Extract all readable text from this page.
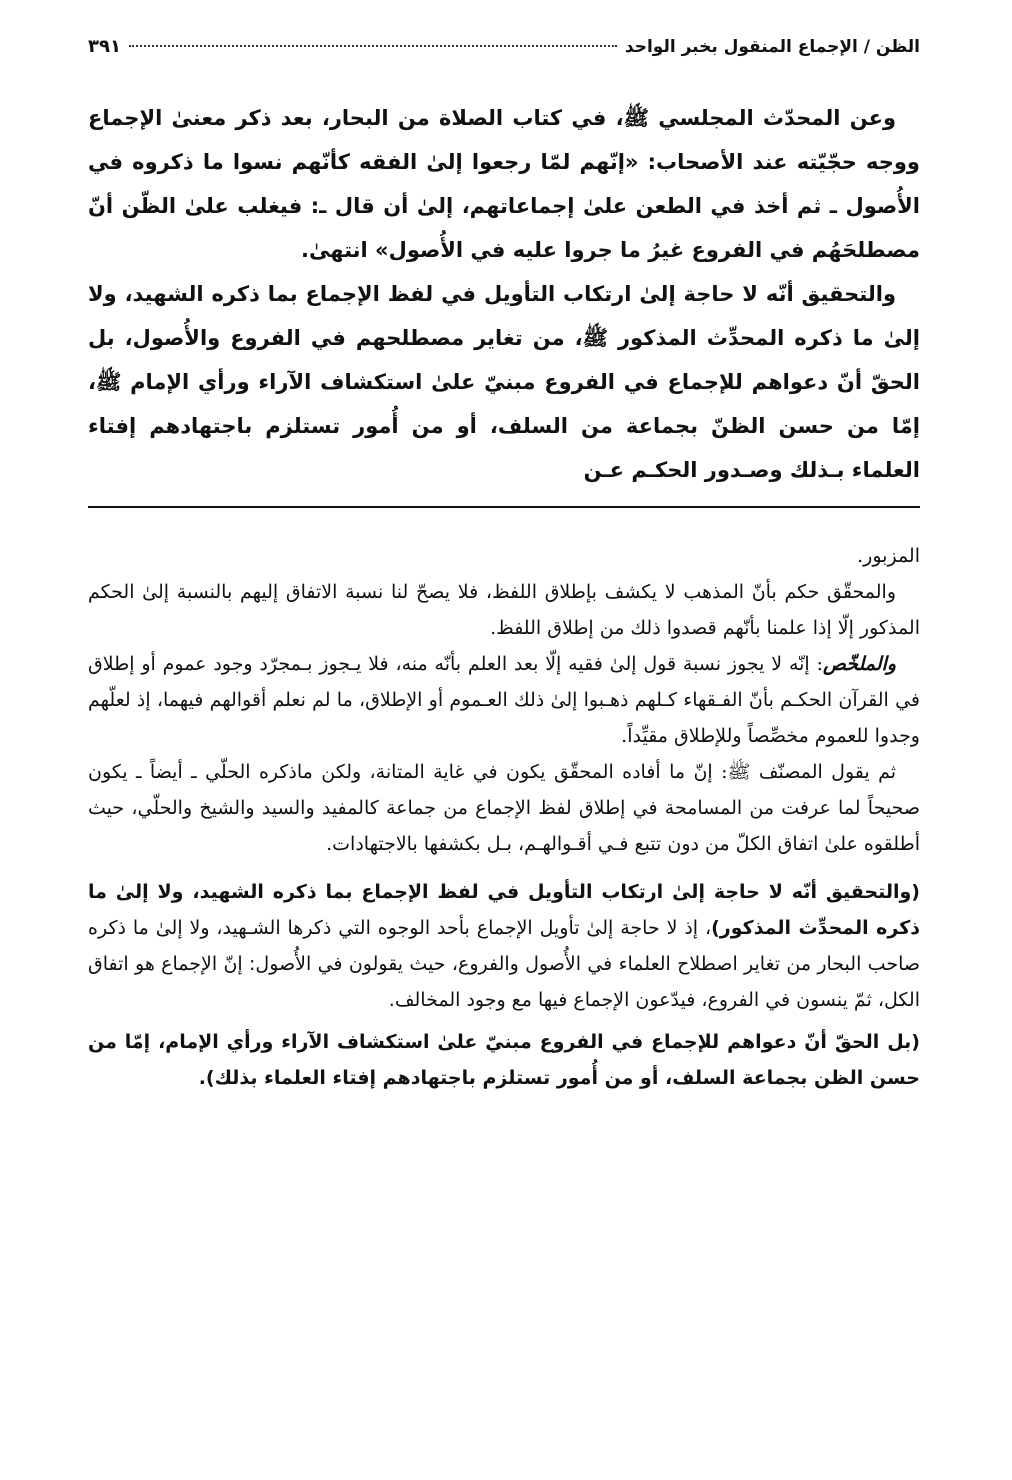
الظن / الإجماع المنقول بخبر الواحد
٣٩١

وعن المحدّث المجلسي ﷺ، في كتاب الصلاة من البحار، بعد ذكر معنىٰ الإجماع ووجه حجّيّته عند الأصحاب: «إنّهم لمّا رجعوا إلىٰ الفقه كأنّهم نسوا ما ذكروه في الأُصول ـ ثم أخذ في الطعن علىٰ إجماعاتهم، إلىٰ أن قال ـ: فيغلب علىٰ الظّن أنّ مصطلحَهُم في الفروع غيرُ ما جروا عليه في الأُصول» انتهىٰ.

والتحقيق أنّه لا حاجة إلىٰ ارتكاب التأويل في لفظ الإجماع بما ذكره الشهيد، ولا إلىٰ ما ذكره المحدِّث المذكور ﷺ، من تغاير مصطلحهم في الفروع والأُصول، بل الحقّ أنّ دعواهم للإجماع في الفروع مبنيّ علىٰ استكشاف الآراء ورأي الإمام ﷺ، إمّا من حسن الظنّ بجماعة من السلف، أو من أُمور تستلزم باجتهادهم إفتاء العلماء بـذلك وصـدور الحكـم عـن

المزبور.

والمحقّق حكم بأنّ المذهب لا يكشف بإطلاق اللفظ، فلا يصحّ لنا نسبة الاتفاق إليهم بالنسبة إلىٰ الحكم المذكور إلّا إذا علمنا بأنّهم قصدوا ذلك من إطلاق اللفظ.

والملخّص: إنّه لا يجوز نسبة قول إلىٰ فقيه إلّا بعد العلم بأنّه منه، فلا يـجوز بـمجرّد وجود عموم أو إطلاق في القرآن الحكـم بأنّ الفـقهاء كـلهم ذهـبوا إلىٰ ذلك العـموم أو الإطلاق، ما لم نعلم أقوالهم فيهما، إذ لعلّهم وجدوا للعموم مخصِّصاً وللإطلاق مقيِّداً.

ثم يقول المصنّف ﷺ: إنّ ما أفاده المحقّق يكون في غاية المتانة، ولكن ماذكره الحلّي ـ أيضاً ـ يكون صحيحاً لما عرفت من المسامحة في إطلاق لفظ الإجماع من جماعة كالمفيد والسيد والشيخ والحلّي، حيث أطلقوه علىٰ اتفاق الكلّ من دون تتبع فـي أقـوالهـم، بـل بكشفها بالاجتهادات.

(والتحقيق أنّه لا حاجة إلىٰ ارتكاب التأويل في لفظ الإجماع بما ذكره الشهيد، ولا إلىٰ ما ذكره المحدِّث المذكور)، إذ لا حاجة إلىٰ تأويل الإجماع بأحد الوجوه التي ذكرها الشـهيد، ولا إلىٰ ما ذكره صاحب البحار من تغاير اصطلاح العلماء في الأُصول والفروع، حيث يقولون في الأُصول: إنّ الإجماع هو اتفاق الكل، ثمّ ينسون في الفروع، فيدّعون الإجماع فيها مع وجود المخالف.

(بل الحقّ أنّ دعواهم للإجماع في الفروع مبنيّ علىٰ استكشاف الآراء ورأي الإمام، إمّا من حسن الظن بجماعة السلف، أو من أُمور تستلزم باجتهادهم إفتاء العلماء بذلك).
